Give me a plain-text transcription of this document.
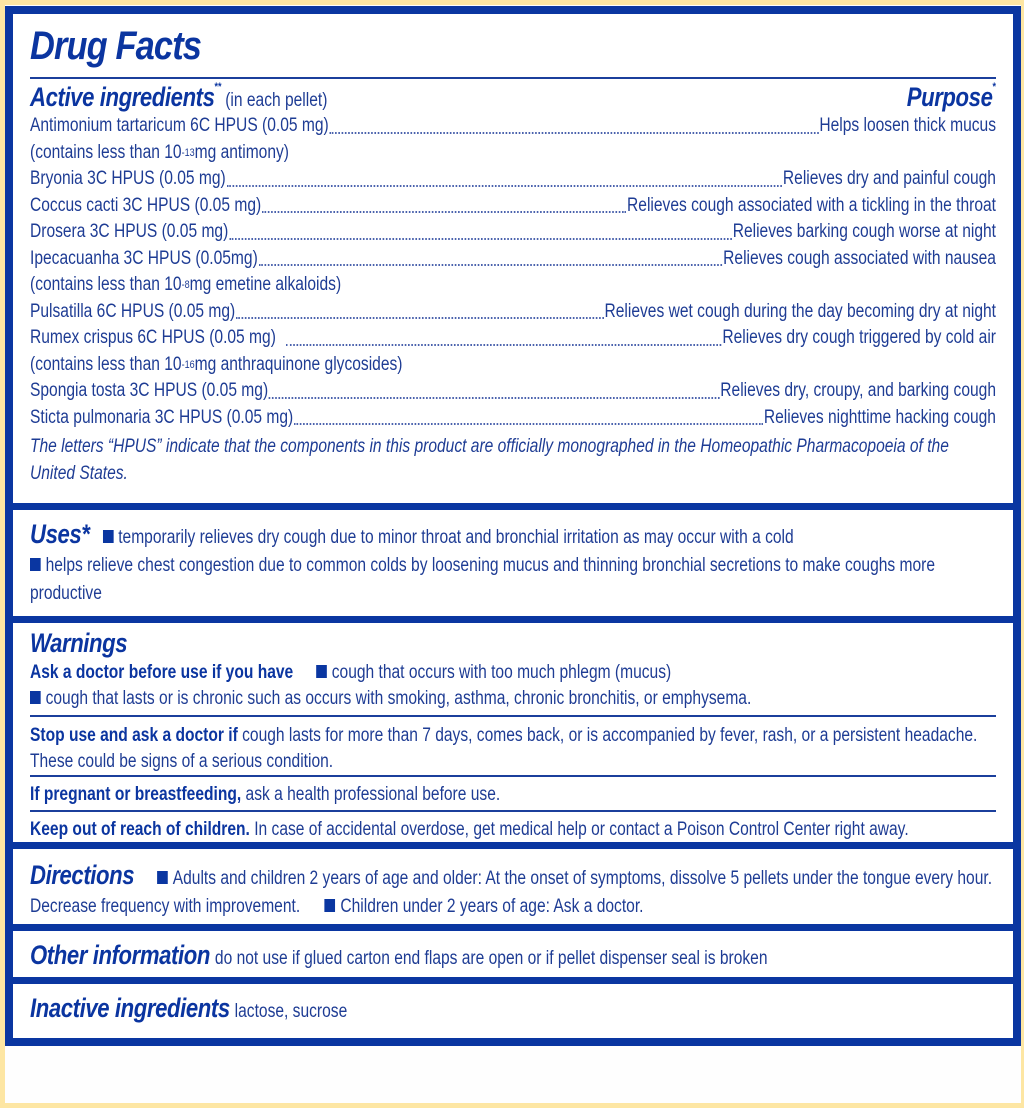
Drug Facts
Active ingredients** (in each pellet)	Purpose*
Antimonium tartaricum 6C HPUS (0.05 mg)	Helps loosen thick mucus
(contains less than 10 -13 mg antimony)
Bryonia 3C HPUS (0.05 mg)	Relieves dry and painful cough
Coccus cacti 3C HPUS (0.05 mg)	Relieves cough associated with a tickling in the throat
Drosera 3C HPUS (0.05 mg)	Relieves barking cough worse at night
Ipecacuanha 3C HPUS (0.05mg)	Relieves cough associated with nausea
(contains less than 10 -8 mg emetine alkaloids)
Pulsatilla 6C HPUS (0.05 mg)	Relieves wet cough during the day becoming dry at night
Rumex crispus 6C HPUS (0.05 mg)	Relieves dry cough triggered by cold air
(contains less than 10 -16 mg anthraquinone glycosides)
Spongia tosta 3C HPUS (0.05 mg)	Relieves dry, croupy, and barking cough
Sticta pulmonaria 3C HPUS (0.05 mg)	Relieves nighttime hacking cough
The letters “HPUS” indicate that the components in this product are officially monographed in the Homeopathic Pharmacopoeia of the United States.
Uses* temporarily relieves dry cough due to minor throat and bronchial irritation as may occur with a cold
helps relieve chest congestion due to common colds by loosening mucus and thinning bronchial secretions to make coughs more productive
Warnings
Ask a doctor before use if you have cough that occurs with too much phlegm (mucus)
cough that lasts or is chronic such as occurs with smoking, asthma, chronic bronchitis, or emphysema.
Stop use and ask a doctor if cough lasts for more than 7 days, comes back, or is accompanied by fever, rash, or a persistent headache. These could be signs of a serious condition.
If pregnant or breastfeeding, ask a health professional before use.
Keep out of reach of children. In case of accidental overdose, get medical help or contact a Poison Control Center right away.
Directions Adults and children 2 years of age and older: At the onset of symptoms, dissolve 5 pellets under the tongue every hour. Decrease frequency with improvement. Children under 2 years of age: Ask a doctor.
Other information do not use if glued carton end flaps are open or if pellet dispenser seal is broken
Inactive ingredients lactose, sucrose
